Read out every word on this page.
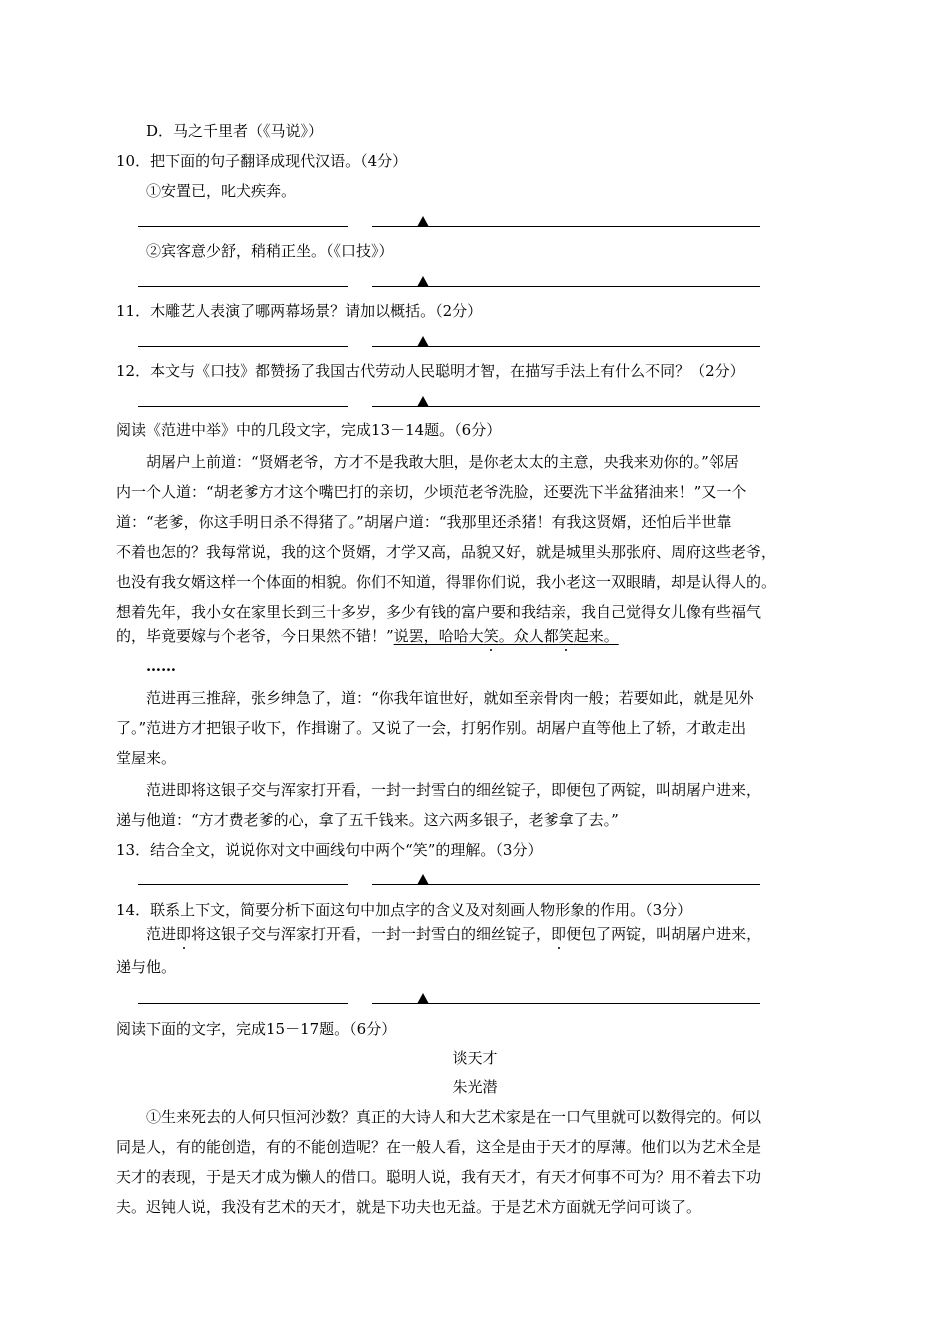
D．马之千里者（《马说》）
10．把下面的句子翻译成现代汉语。（4分）
①安置已，叱犬疾奔。
②宾客意少舒，稍稍正坐。（《口技》）
11．木雕艺人表演了哪两幕场景？请加以概括。（2分）
12．本文与《口技》都赞扬了我国古代劳动人民聪明才智，在描写手法上有什么不同？（2分）
阅读《范进中举》中的几段文字，完成13－14题。（6分）
胡屠户上前道：“贤婿老爷，方才不是我敢大胆，是你老太太的主意，央我来劝你的。”邻居
内一个人道：“胡老爹方才这个嘴巴打的亲切，少顷范老爷洗脸，还要洗下半盆猪油来！”又一个
道：“老爹，你这手明日杀不得猪了。”胡屠户道：“我那里还杀猪！有我这贤婿，还怕后半世靠
不着也怎的？我每常说，我的这个贤婿，才学又高，品貌又好，就是城里头那张府、周府这些老爷，
也没有我女婿这样一个体面的相貌。你们不知道，得罪你们说，我小老这一双眼睛，却是认得人的。
想着先年，我小女在家里长到三十多岁，多少有钱的富户要和我结亲，我自己觉得女儿像有些福气
的，毕竟要嫁与个老爷，今日果然不错！”说罢，哈哈大笑。众人都笑起来。
……
范进再三推辞，张乡绅急了，道：“你我年谊世好，就如至亲骨肉一般；若要如此，就是见外
了。”范进方才把银子收下，作揖谢了。又说了一会，打躬作别。胡屠户直等他上了轿，才敢走出
堂屋来。
范进即将这银子交与浑家打开看，一封一封雪白的细丝锭子，即便包了两锭，叫胡屠户进来，
递与他道：“方才费老爹的心，拿了五千钱来。这六两多银子，老爹拿了去。”
13．结合全文，说说你对文中画线句中两个“笑”的理解。（3分）
14．联系上下文，简要分析下面这句中加点字的含义及对刻画人物形象的作用。（3分）
范进即将这银子交与浑家打开看，一封一封雪白的细丝锭子，即便包了两锭，叫胡屠户进来，
递与他。
阅读下面的文字，完成15－17题。（6分）
谈天才
朱光潜
①生来死去的人何只恒河沙数？真正的大诗人和大艺术家是在一口气里就可以数得完的。何以
同是人，有的能创造，有的不能创造呢？在一般人看，这全是由于天才的厚薄。他们以为艺术全是
天才的表现，于是天才成为懒人的借口。聪明人说，我有天才，有天才何事不可为？用不着去下功
夫。迟钝人说，我没有艺术的天才，就是下功夫也无益。于是艺术方面就无学问可谈了。
